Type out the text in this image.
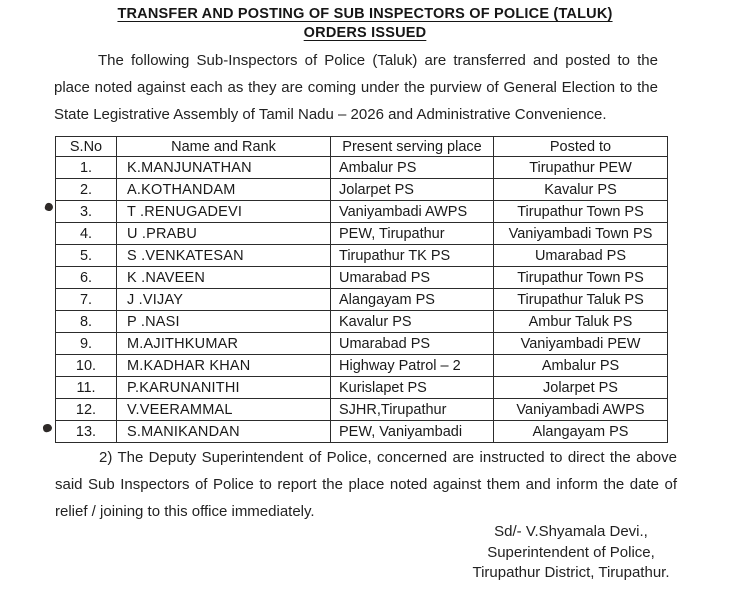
TRANSFER AND POSTING OF SUB INSPECTORS OF POLICE (TALUK)
ORDERS ISSUED

The following Sub-Inspectors of Police (Taluk) are transferred and posted to the place noted against each as they are coming under the purview of General Election to the State Legistrative Assembly of Tamil Nadu – 2026 and Administrative Convenience.

S.No	Name and Rank	Present serving place	Posted to
1.	K.MANJUNATHAN	Ambalur PS	Tirupathur PEW
2.	A.KOTHANDAM	Jolarpet PS	Kavalur PS
3.	T .RENUGADEVI	Vaniyambadi AWPS	Tirupathur Town PS
4.	U .PRABU	PEW, Tirupathur	Vaniyambadi Town PS
5.	S .VENKATESAN	Tirupathur TK PS	Umarabad PS
6.	K .NAVEEN	Umarabad PS	Tirupathur Town PS
7.	J .VIJAY	Alangayam PS	Tirupathur Taluk PS
8.	P .NASI	Kavalur PS	Ambur Taluk PS
9.	M.AJITHKUMAR	Umarabad PS	Vaniyambadi PEW
10.	M.KADHAR KHAN	Highway Patrol – 2	Ambalur PS
11.	P.KARUNANITHI	Kurislapet PS	Jolarpet PS
12.	V.VEERAMMAL	SJHR,Tirupathur	Vaniyambadi AWPS
13.	S.MANIKANDAN	PEW, Vaniyambadi	Alangayam PS

2) The Deputy Superintendent of Police, concerned are instructed to direct the above said Sub Inspectors of Police to report the place noted against them and inform the date of relief / joining to this office immediately.

Sd/- V.Shyamala Devi.,
Superintendent of Police,
Tirupathur District, Tirupathur.
